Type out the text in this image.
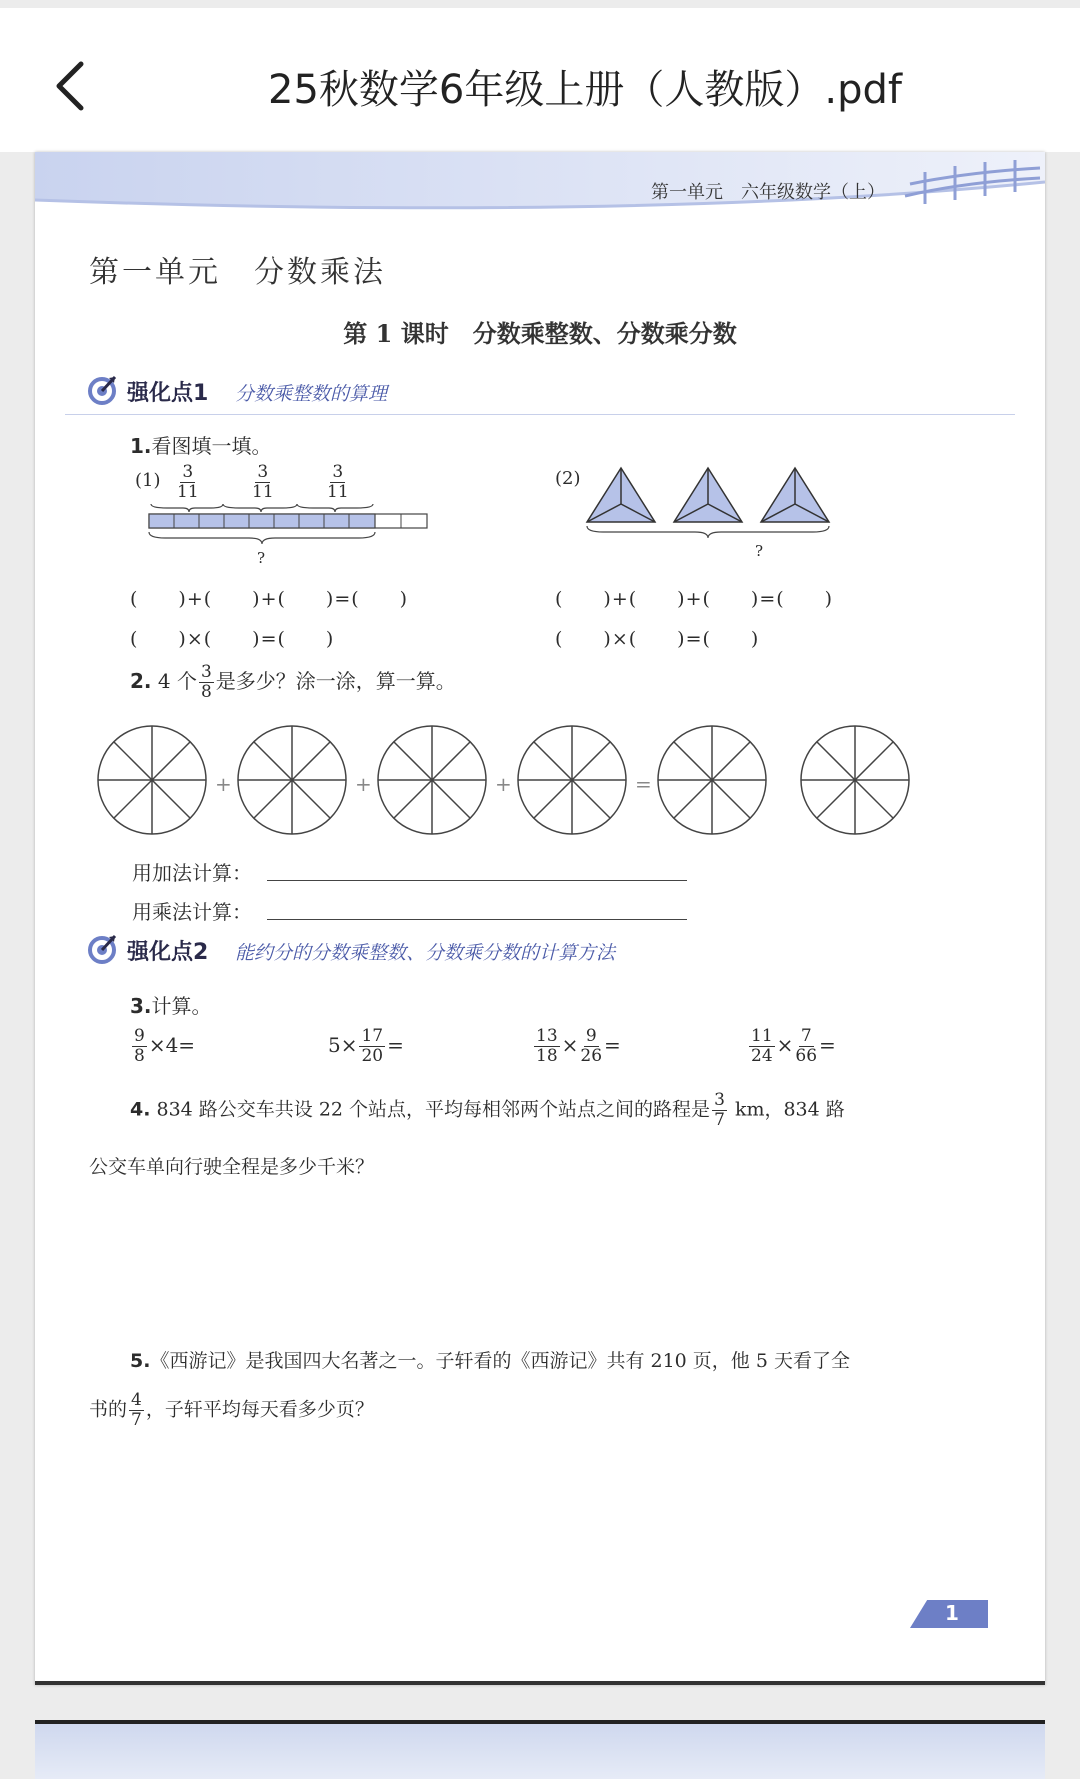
25秋数学6年级上册（人教版）.pdf
第一单元　六年级数学（上）
第一单元　分数乘法
第 1 课时　分数乘整数、分数乘分数
强化点1 分数乘整数的算理
1.看图填一填。
$(1) \frac{3}{11}$	$\frac{3}{11}$	$\frac{3}{11}$
?
(2)
?
(　　)+(　　)+(　　)=(　　)
(　　)×(　　)=(　　)
(　　)+(　　)+(　　)=(　　)
(　　)×(　　)=(　　)
2. 4 个 $\frac{3}{8}$ 是多少？涂一涂，算一算。
+	+	+	=
用加法计算：
用乘法计算：
强化点2 能约分的分数乘整数、分数乘分数的计算方法
3.计算。
$\frac{9}{8} \times 4=$	$5\times \frac{17}{20}$ =	$\frac{13}{18} \times \frac{9}{26}$ =	$\frac{11}{24} \times \frac{7}{66}$ =
4. 834 路公交车共设 22 个站点，平均每相邻两个站点之间的路程是 $\frac{3}{7}$ km，834 路
公交车单向行驶全程是多少千米？
5.《西游记》是我国四大名著之一。子轩看的《西游记》共有 210 页，他 5 天看了全
书的 $\frac{4}{7}$ ，子轩平均每天看多少页？
1
